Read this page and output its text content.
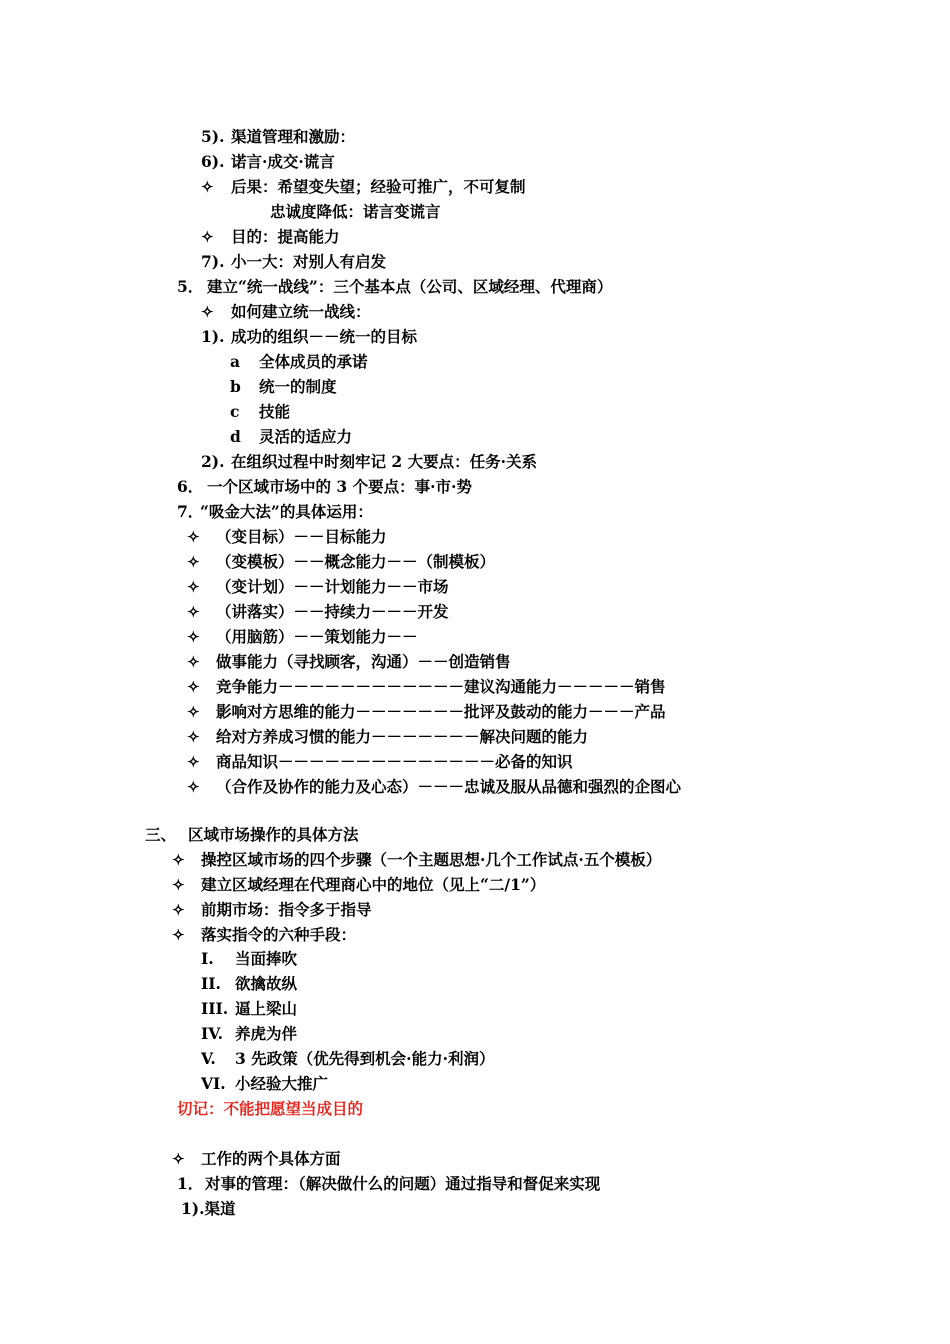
5). 渠道管理和激励：
6). 诺言·成交·谎言
✧ 后果：希望变失望；经验可推广，不可复制
忠诚度降低：诺言变谎言
✧ 目的：提高能力
7). 小一大：对别人有启发
5． 建立“统一战线”：三个基本点（公司、区域经理、代理商）
✧ 如何建立统一战线：
1). 成功的组织－－统一的目标
a 全体成员的承诺
b 统一的制度
c 技能
d 灵活的适应力
2). 在组织过程中时刻牢记 2 大要点：任务·关系
6． 一个区域市场中的 3 个要点：事·市·势
7．“吸金大法”的具体运用：
✧ （变目标）－－目标能力
✧ （变模板）－－概念能力－－（制模板）
✧ （变计划）－－计划能力－－市场
✧ （讲落实）－－持续力－－－开发
✧ （用脑筋）－－策划能力－－
✧ 做事能力（寻找顾客，沟通）－－创造销售
✧ 竞争能力－－－－－－－－－－－－建议沟通能力－－－－－销售
✧ 影响对方思维的能力－－－－－－－批评及鼓动的能力－－－产品
✧ 给对方养成习惯的能力－－－－－－－解决问题的能力
✧ 商品知识－－－－－－－－－－－－－－必备的知识
✧ （合作及协作的能力及心态）－－－忠诚及服从品德和强烈的企图心
三、 区域市场操作的具体方法
✧ 操控区域市场的四个步骤（一个主题思想·几个工作试点·五个模板）
✧ 建立区域经理在代理商心中的地位（见上“二/1”）
✧ 前期市场：指令多于指导
✧ 落实指令的六种手段：
I. 当面捧吹
II. 欲擒故纵
III. 逼上梁山
IV. 养虎为伴
V. 3 先政策（优先得到机会·能力·利润）
VI. 小经验大推广
切记：不能把愿望当成目的
✧ 工作的两个具体方面
1． 对事的管理：（解决做什么的问题）通过指导和督促来实现
1).渠道
